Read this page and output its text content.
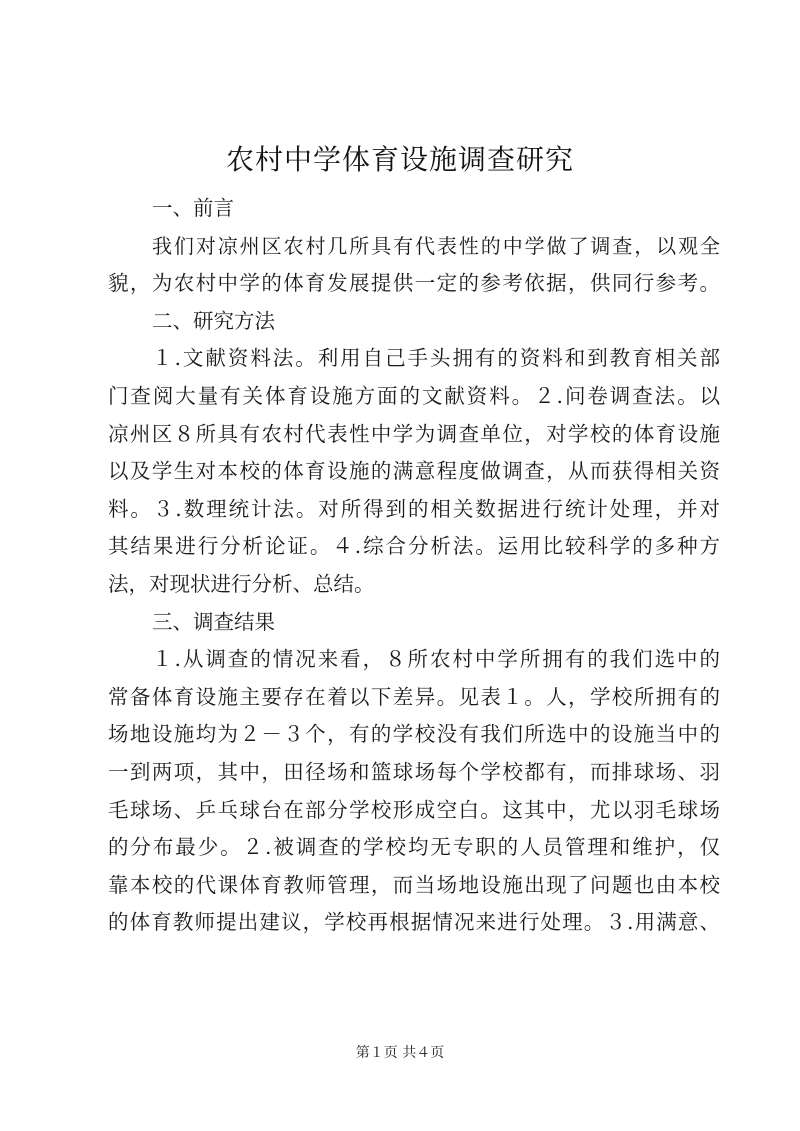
农村中学体育设施调查研究
一、前言
我们对凉州区农村几所具有代表性的中学做了调查，以观全
貌，为农村中学的体育发展提供一定的参考依据，供同行参考。
二、研究方法
１.文献资料法。利用自己手头拥有的资料和到教育相关部
门查阅大量有关体育设施方面的文献资料。２.问卷调查法。以
凉州区８所具有农村代表性中学为调查单位，对学校的体育设施
以及学生对本校的体育设施的满意程度做调查，从而获得相关资
料。３.数理统计法。对所得到的相关数据进行统计处理，并对
其结果进行分析论证。４.综合分析法。运用比较科学的多种方
法，对现状进行分析、总结。
三、调查结果
１.从调查的情况来看，８所农村中学所拥有的我们选中的
常备体育设施主要存在着以下差异。见表１。人，学校所拥有的
场地设施均为２－３个，有的学校没有我们所选中的设施当中的
一到两项，其中，田径场和篮球场每个学校都有，而排球场、羽
毛球场、乒乓球台在部分学校形成空白。这其中，尤以羽毛球场
的分布最少。２.被调查的学校均无专职的人员管理和维护，仅
靠本校的代课体育教师管理，而当场地设施出现了问题也由本校
的体育教师提出建议，学校再根据情况来进行处理。３.用满意、
第１页 共４页
